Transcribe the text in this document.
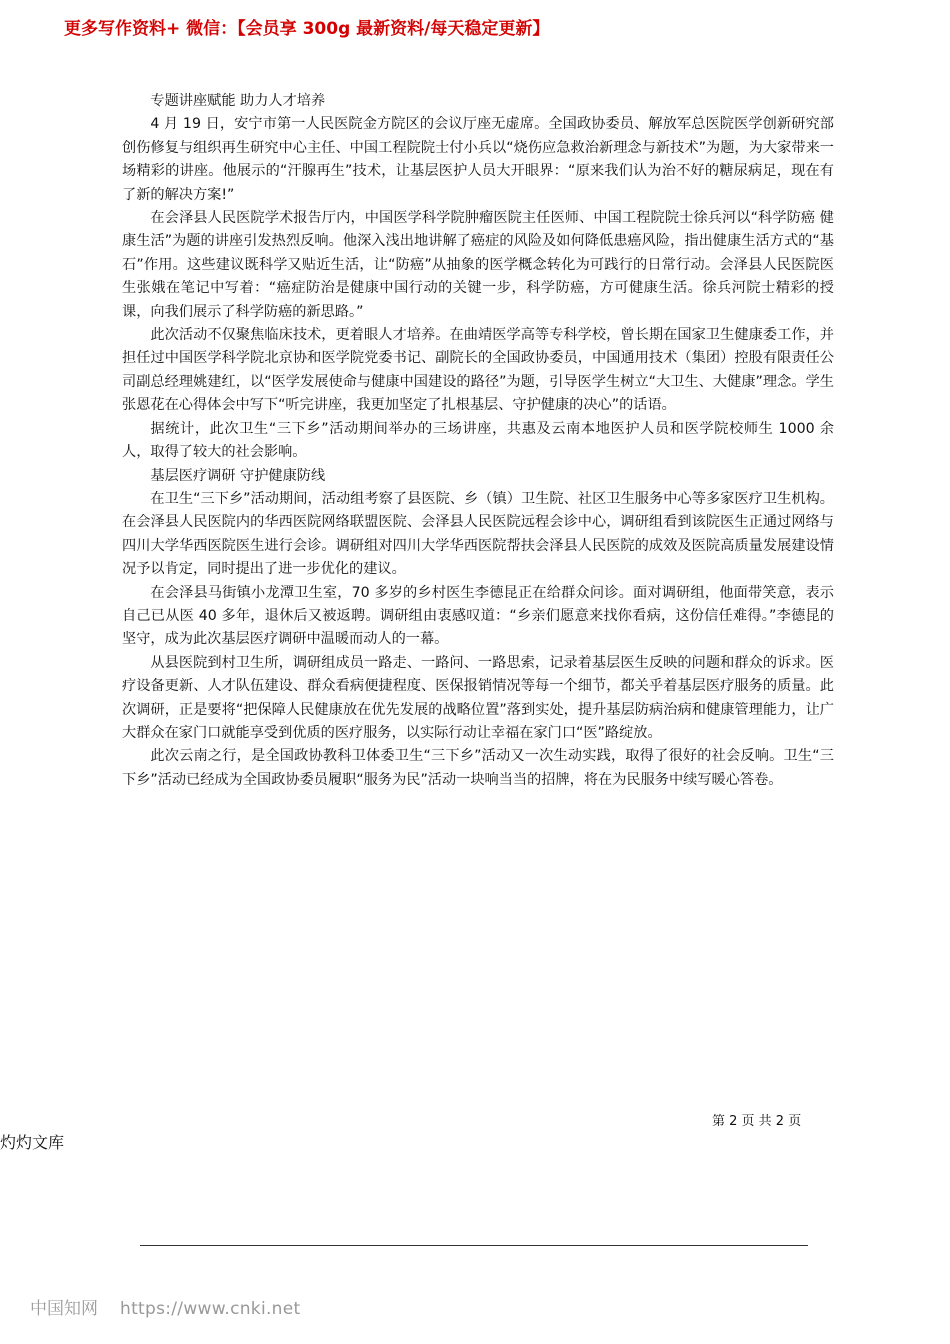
更多写作资料+ 微信：【会员享 300g 最新资料/每天稳定更新】

专题讲座赋能 助力人才培养

4 月 19 日，安宁市第一人民医院金方院区的会议厅座无虚席。全国政协委员、解放军总医院医学创新研究部创伤修复与组织再生研究中心主任、中国工程院院士付小兵以“烧伤应急救治新理念与新技术”为题，为大家带来一场精彩的讲座。他展示的“汗腺再生”技术，让基层医护人员大开眼界：“原来我们认为治不好的糖尿病足，现在有了新的解决方案!”

在会泽县人民医院学术报告厅内，中国医学科学院肿瘤医院主任医师、中国工程院院士徐兵河以“科学防癌 健康生活”为题的讲座引发热烈反响。他深入浅出地讲解了癌症的风险及如何降低患癌风险，指出健康生活方式的“基石”作用。这些建议既科学又贴近生活，让“防癌”从抽象的医学概念转化为可践行的日常行动。会泽县人民医院医生张娥在笔记中写着：“癌症防治是健康中国行动的关键一步，科学防癌，方可健康生活。徐兵河院士精彩的授课，向我们展示了科学防癌的新思路。”

此次活动不仅聚焦临床技术，更着眼人才培养。在曲靖医学高等专科学校，曾长期在国家卫生健康委工作，并担任过中国医学科学院北京协和医学院党委书记、副院长的全国政协委员，中国通用技术（集团）控股有限责任公司副总经理姚建红，以“医学发展使命与健康中国建设的路径”为题，引导医学生树立“大卫生、大健康”理念。学生张恩花在心得体会中写下“听完讲座，我更加坚定了扎根基层、守护健康的决心”的话语。

据统计，此次卫生“三下乡”活动期间举办的三场讲座，共惠及云南本地医护人员和医学院校师生 1000 余人，取得了较大的社会影响。

基层医疗调研 守护健康防线

在卫生“三下乡”活动期间，活动组考察了县医院、乡（镇）卫生院、社区卫生服务中心等多家医疗卫生机构。在会泽县人民医院内的华西医院网络联盟医院、会泽县人民医院远程会诊中心，调研组看到该院医生正通过网络与四川大学华西医院医生进行会诊。调研组对四川大学华西医院帮扶会泽县人民医院的成效及医院高质量发展建设情况予以肯定，同时提出了进一步优化的建议。

在会泽县马街镇小龙潭卫生室，70 多岁的乡村医生李德昆正在给群众问诊。面对调研组，他面带笑意，表示自己已从医 40 多年，退休后又被返聘。调研组由衷感叹道：“乡亲们愿意来找你看病，这份信任难得。”李德昆的坚守，成为此次基层医疗调研中温暖而动人的一幕。

从县医院到村卫生所，调研组成员一路走、一路问、一路思索，记录着基层医生反映的问题和群众的诉求。医疗设备更新、人才队伍建设、群众看病便捷程度、医保报销情况等每一个细节，都关乎着基层医疗服务的质量。此次调研，正是要将“把保障人民健康放在优先发展的战略位置”落到实处，提升基层防病治病和健康管理能力，让广大群众在家门口就能享受到优质的医疗服务，以实际行动让幸福在家门口“医”路绽放。

此次云南之行，是全国政协教科卫体委卫生“三下乡”活动又一次生动实践，取得了很好的社会反响。卫生“三下乡”活动已经成为全国政协委员履职“服务为民”活动一块响当当的招牌，将在为民服务中续写暖心答卷。

第 2 页 共 2 页
灼灼文库
中国知网 https://www.cnki.net
